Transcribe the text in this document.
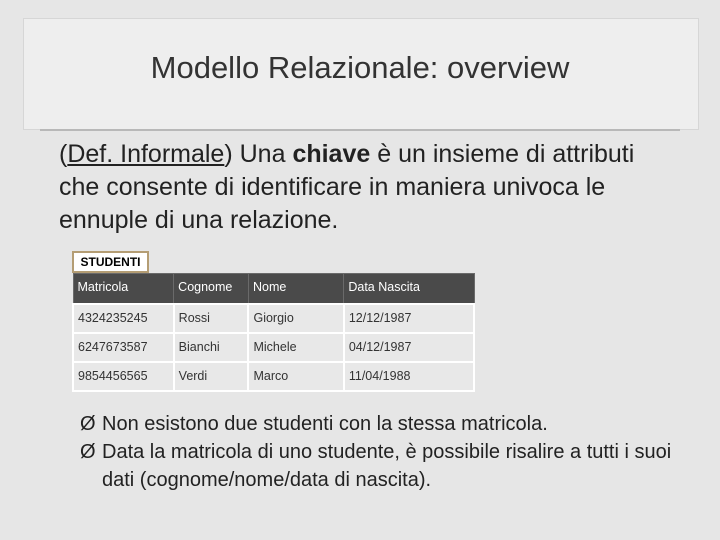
Modello Relazionale: overview
(Def. Informale) Una chiave è un insieme di attributi che consente di identificare in maniera univoca le ennuple di una relazione.
STUDENTI
Matricola	Cognome	Nome	Data Nascita
4324235245	Rossi	Giorgio	12/12/1987
6247673587	Bianchi	Michele	04/12/1987
9854456565	Verdi	Marco	11/04/1988
Ø Non esistono due studenti con la stessa matricola.
Ø Data la matricola di uno studente, è possibile risalire a tutti i suoi dati (cognome/nome/data di nascita).
